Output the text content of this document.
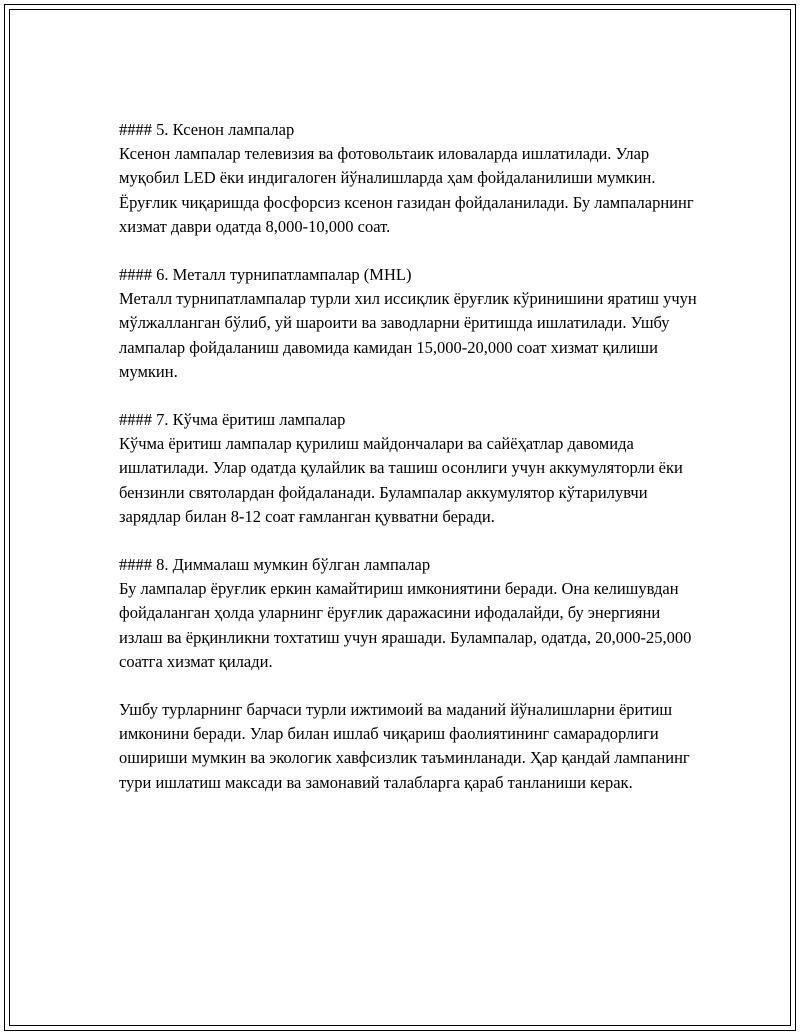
#### 5. Ксенон лампалар

Ксенон лампалар телевизия ва фотовольтаик иловаларда ишлатилади. Улар муқобил LED ёки индигалоген йўналишларда ҳам фойдаланилиши мумкин. Ёруғлик чиқаришда фосфорсиз ксенон газидан фойдаланилади. Бу лампаларнинг хизмат даври одатда 8,000-10,000 соат.

#### 6. Металл турнипатлампалар (MHL)

Металл турнипатлампалар турли хил иссиқлик ёруғлик кўринишини яратиш учун мўлжалланган бўлиб, уй шароити ва заводларни ёритишда ишлатилади. Ушбу лампалар фойдаланиш давомида камидан 15,000-20,000 соат хизмат қилиши мумкин.

#### 7. Кўчма ёритиш лампалар

Кўчма ёритиш лампалар қурилиш майдончалари ва сайёҳатлар давомида ишлатилади. Улар одатда қулайлик ва ташиш осонлиги учун аккумуляторли ёки бензинли святолардан фойдаланади. Булампалар аккумулятор кўтарилувчи зарядлар билан 8-12 соат ғамланган қувватни беради.

#### 8. Диммалаш мумкин бўлган лампалар

Бу лампалар ёруғлик еркин камайтириш имкониятини беради. Она келишувдан фойдаланган ҳолда уларнинг ёруғлик даражасини ифодалайди, бу энергияни излаш ва ёрқинликни тохтатиш учун ярашади. Булампалар, одатда, 20,000-25,000 соатга хизмат қилади.

Ушбу турларнинг барчаси турли ижтимоий ва маданий йўналишларни ёритиш имконини беради. Улар билан ишлаб чиқариш фаолиятининг самарадорлиги ошириши мумкин ва экологик хавфсизлик таъминланади. Ҳар қандай лампанинг тури ишлатиш максади ва замонавий талабларга қараб танланиши керак.
